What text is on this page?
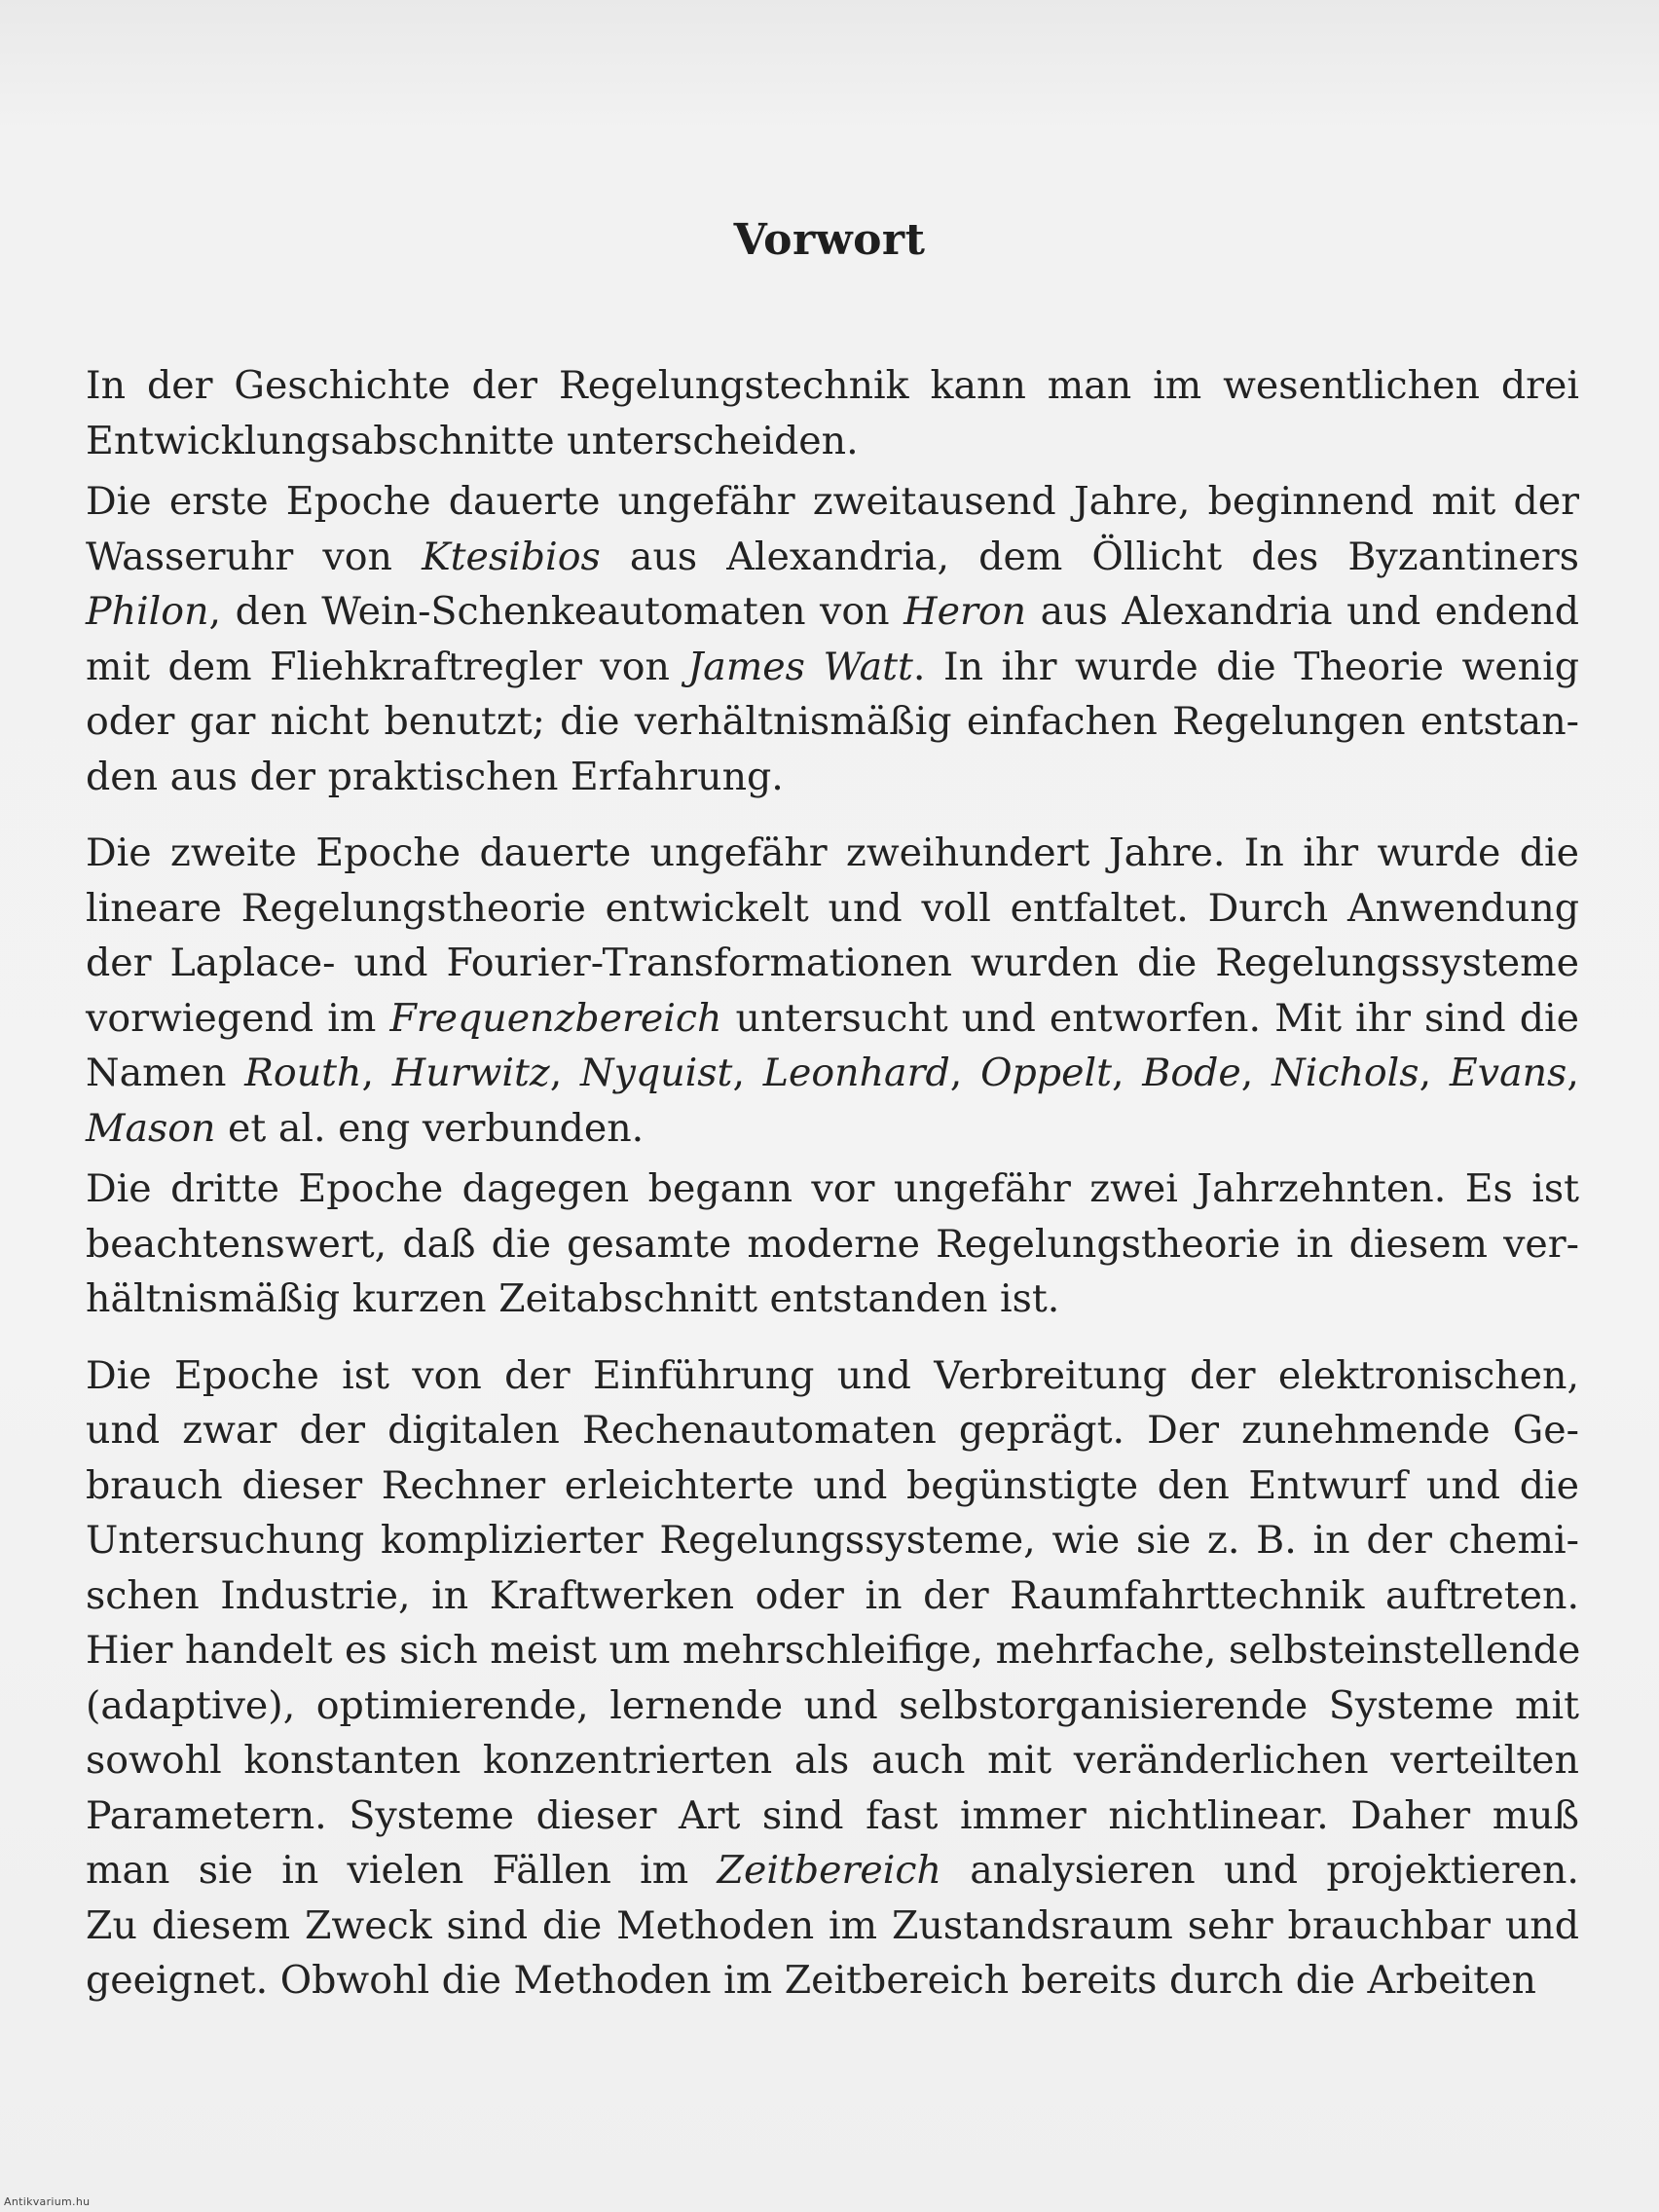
Vorwort
In der Geschichte der Regelungstechnik kann man im wesentlichen drei
Entwicklungsabschnitte unterscheiden.
Die erste Epoche dauerte ungefähr zweitausend Jahre, beginnend mit der
Wasseruhr von Ktesibios aus Alexandria, dem Öllicht des Byzantiners
Philon, den Wein-Schenkeautomaten von Heron aus Alexandria und endend
mit dem Fliehkraftregler von James Watt. In ihr wurde die Theorie wenig
oder gar nicht benutzt; die verhältnismäßig einfachen Regelungen entstan-
den aus der praktischen Erfahrung.
Die zweite Epoche dauerte ungefähr zweihundert Jahre. In ihr wurde die
lineare Regelungstheorie entwickelt und voll entfaltet. Durch Anwendung
der Laplace- und Fourier-Transformationen wurden die Regelungssysteme
vorwiegend im Frequenzbereich untersucht und entworfen. Mit ihr sind die
Namen Routh, Hurwitz, Nyquist, Leonhard, Oppelt, Bode, Nichols, Evans,
Mason et al. eng verbunden.
Die dritte Epoche dagegen begann vor ungefähr zwei Jahrzehnten. Es ist
beachtenswert, daß die gesamte moderne Regelungstheorie in diesem ver-
hältnismäßig kurzen Zeitabschnitt entstanden ist.
Die Epoche ist von der Einführung und Verbreitung der elektronischen,
und zwar der digitalen Rechenautomaten geprägt. Der zunehmende Ge-
brauch dieser Rechner erleichterte und begünstigte den Entwurf und die
Untersuchung komplizierter Regelungssysteme, wie sie z. B. in der chemi-
schen Industrie, in Kraftwerken oder in der Raumfahrttechnik auftreten.
Hier handelt es sich meist um mehrschleifige, mehrfache, selbsteinstellende
(adaptive), optimierende, lernende und selbstorganisierende Systeme mit
sowohl konstanten konzentrierten als auch mit veränderlichen verteilten
Parametern. Systeme dieser Art sind fast immer nichtlinear. Daher muß
man sie in vielen Fällen im Zeitbereich analysieren und projektieren.
Zu diesem Zweck sind die Methoden im Zustandsraum sehr brauchbar und
geeignet. Obwohl die Methoden im Zeitbereich bereits durch die Arbeiten
Antikvarium.hu
